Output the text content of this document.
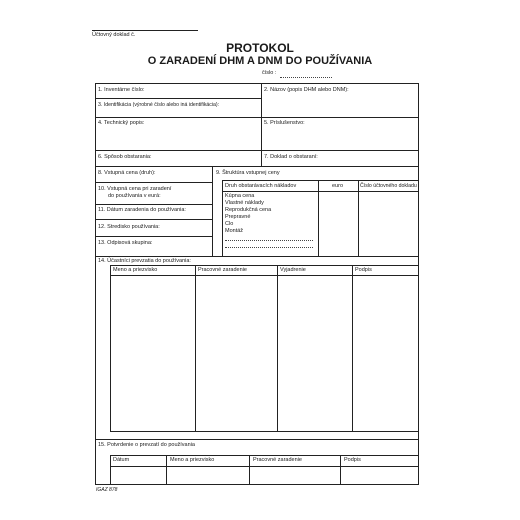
Účtovný doklad č.
PROTOKOL
O ZARADENÍ DHM A DNM DO POUŽÍVANIA
číslo :
1. Inventárne číslo:	2. Názov (popis DHM alebo DNM):
3. Identifikácia (výrobné číslo alebo iná identifikácia):
4. Technický popis:	5. Príslušenstvo:
6. Spôsob obstarania:	7. Doklad o obstaraní:
8. Vstupná cena (druh):
10. Vstupná cena pri zaradení
do používania v eurá:
11. Dátum zaradenia do používania:
12. Stredisko používania:
13. Odpisová skupina:
9. Štruktúra vstupnej ceny
Druh obstarávacích nákladov	euro	Číslo účtovného dokladu
Kúpna cena
Vlastné náklady
Reprodukčná cena
Prepravné
Clo
Montáž
14. Účastníci prevzatia do používania:
Meno a priezvisko	Pracovné zaradenie	Vyjadrenie	Podpis
15. Potvrdenie o prevzatí do používania
Dátum	Meno a priezvisko	Pracovné zaradenie	Podpis
IGAZ 878
